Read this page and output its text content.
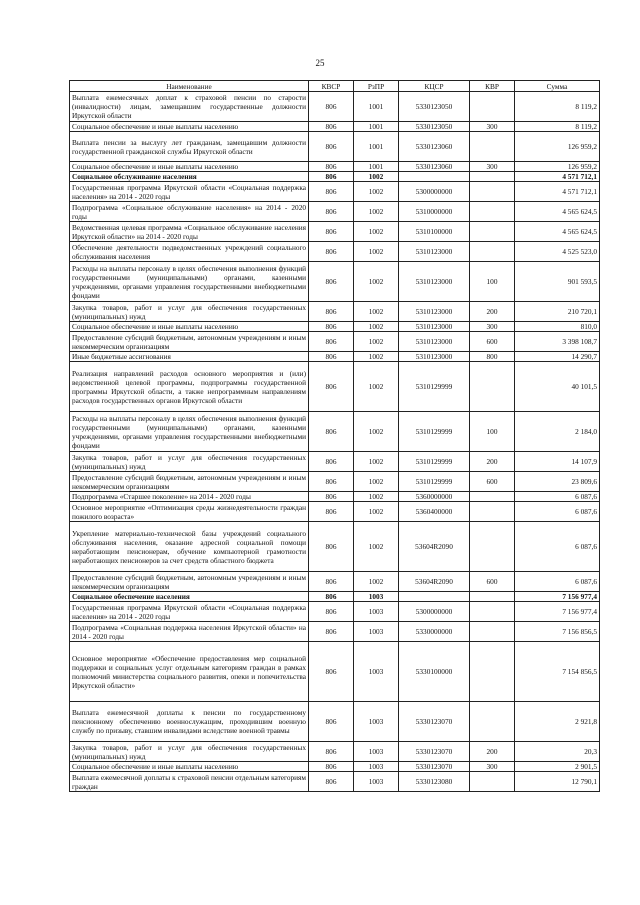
25
Наименование	КВСР	РзПР	КЦСР	КВР	Сумма
Выплата ежемесячных доплат к страховой пенсии по старости (инвалидности) лицам, замещавшим государственные должности Иркутской области	806	1001	5330123050		8 119,2
Социальное обеспечение и иные выплаты населению	806	1001	5330123050	300	8 119,2
Выплата пенсии за выслугу лет гражданам, замещавшим должности государственной гражданской службы Иркутской области	806	1001	5330123060		126 959,2
Социальное обеспечение и иные выплаты населению	806	1001	5330123060	300	126 959,2
Социальное обслуживание населения	806	1002			4 571 712,1
Государственная программа Иркутской области «Социальная поддержка населения» на 2014 - 2020 годы	806	1002	5300000000		4 571 712,1
Подпрограмма «Социальное обслуживание населения» на 2014 - 2020 годы	806	1002	5310000000		4 565 624,5
Ведомственная целевая программа «Социальное обслуживание населения Иркутской области» на 2014 - 2020 годы	806	1002	5310100000		4 565 624,5
Обеспечение деятельности подведомственных учреждений социального обслуживания населения	806	1002	5310123000		4 525 523,0
Расходы на выплаты персоналу в целях обеспечения выполнения функций государственными (муниципальными) органами, казенными учреждениями, органами управления государственными внебюджетными фондами	806	1002	5310123000	100	901 593,5
Закупка товаров, работ и услуг для обеспечения государственных (муниципальных) нужд	806	1002	5310123000	200	210 720,1
Социальное обеспечение и иные выплаты населению	806	1002	5310123000	300	810,0
Предоставление субсидий бюджетным, автономным учреждениям и иным некоммерческим организациям	806	1002	5310123000	600	3 398 108,7
Иные бюджетные ассигнования	806	1002	5310123000	800	14 290,7
Реализация направлений расходов основного мероприятия и (или) ведомственной целевой программы, подпрограммы государственной программы Иркутской области, а также непрограммным направлениям расходов государственных органов Иркутской области	806	1002	5310129999		40 101,5
Расходы на выплаты персоналу в целях обеспечения выполнения функций государственными (муниципальными) органами, казенными учреждениями, органами управления государственными внебюджетными фондами	806	1002	5310129999	100	2 184,0
Закупка товаров, работ и услуг для обеспечения государственных (муниципальных) нужд	806	1002	5310129999	200	14 107,9
Предоставление субсидий бюджетным, автономным учреждениям и иным некоммерческим организациям	806	1002	5310129999	600	23 809,6
Подпрограмма «Старшее поколение» на 2014 - 2020 годы	806	1002	5360000000		6 087,6
Основное мероприятие «Оптимизация среды жизнедеятельности граждан пожилого возраста»	806	1002	5360400000		6 087,6
Укрепление материально-технической базы учреждений социального обслуживания населения, оказание адресной социальной помощи неработающим пенсионерам, обучение компьютерной грамотности неработающих пенсионеров за счет средств областного бюджета	806	1002	53604R2090		6 087,6
Предоставление субсидий бюджетным, автономным учреждениям и иным некоммерческим организациям	806	1002	53604R2090	600	6 087,6
Социальное обеспечение населения	806	1003			7 156 977,4
Государственная программа Иркутской области «Социальная поддержка населения» на 2014 - 2020 годы	806	1003	5300000000		7 156 977,4
Подпрограмма «Социальная поддержка населения Иркутской области» на 2014 - 2020 годы	806	1003	5330000000		7 156 856,5
Основное мероприятие «Обеспечение предоставления мер социальной поддержки и социальных услуг отдельным категориям граждан в рамках полномочий министерства социального развития, опеки и попечительства Иркутской области»	806	1003	5330100000		7 154 856,5
Выплата ежемесячной доплаты к пенсии по государственному пенсионному обеспечению военнослужащим, проходившим военную службу по призыву, ставшим инвалидами вследствие военной травмы	806	1003	5330123070		2 921,8
Закупка товаров, работ и услуг для обеспечения государственных (муниципальных) нужд	806	1003	5330123070	200	20,3
Социальное обеспечение и иные выплаты населению	806	1003	5330123070	300	2 901,5
Выплата ежемесячной доплаты к страховой пенсии отдельным категориям граждан	806	1003	5330123080		12 790,1
